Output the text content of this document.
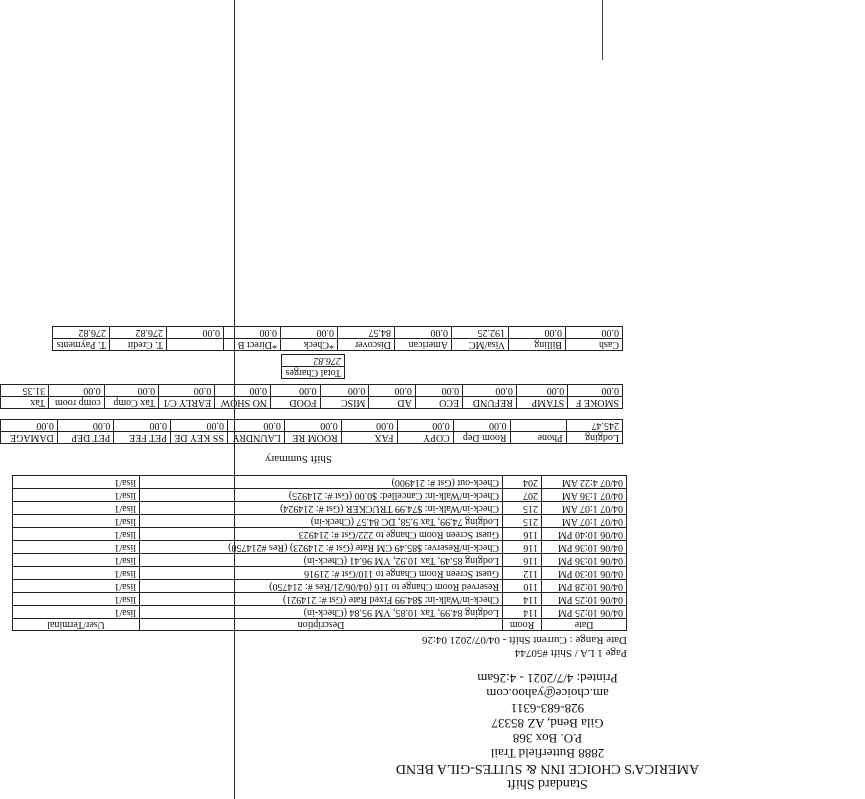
Standard Shift
AMERICA'S CHOICE INN & SUITES-GILA BEND
2888 Butterfield Trail
P.O. Box 368
Gila Bend, AZ 85337
928-683-6311
am.choice@yahoo.com
Printed: 4/7/2021 - 4:26am
Page 1 LA / Shift #50744
Date Range : Current Shift - 04/07/2021 04:26
Date	Room	Description	User/Terminal
04/06 10:25 PM	114	Lodging 84.99, Tax 10.85, VM 95.84 (Check-in)	lisa/1
04/06 10:25 PM	114	Check-in/Walk-in: $84.99 Fixed Rate (Gst #: 214921)	lisa/1
04/06 10:28 PM	110	Reserved Room Change to 116 (04/06/21/Res #: 214750)	lisa/1
04/06 10:30 PM	112	Guest Screen Room Change to 110/Gst #: 21916	lisa/1
04/06 10:36 PM	116	Lodging 85.49, Tax 10.92, VM 96.41 (Check-in)	lisa/1
04/06 10:36 PM	116	Check-in/Reserve: $85.49 CM Rate (Gst #: 214923) (Res #214750)	lisa/1
04/06 10:40 PM	116	Guest Screen Room Change to 222/Gst #: 214923	lisa/1
04/07 1:07 AM	215	Lodging 74.99, Tax 9.58, DC 84.57 (Check-in)	lisa/1
04/07 1:07 AM	215	Check-in/Walk-in: $74.99 TRUCKER (Gst #: 214924)	lisa/1
04/07 1:36 AM	207	Check-in/Walk-in: Cancelled: $0.00 (Gst #: 214925)	lisa/1
04/07 4:22 AM	204	Check-out (Gst #: 214900)	lisa/1
Shift Summary
Lodging	Phone	Room Dep	COPY	FAX	ROOM RE	LAUNDRY	SS KEY DE	PET FEE	PET DEP	DAMAGE
245.47		0.00	0.00	0.00	0.00	0.00	0.00	0.00	0.00	0.00
SMOKE F	STAMP	REFUND	ECO	AD	MISC	FOOD	NO SHOW	EARLY C/I	Tax Comp	comp room	Tax
0.00	0.00	0.00	0.00	0.00	0.00	0.00	0.00	0.00	0.00	0.00	31.35
Total Charges
276.82
Cash	Billing	Visa/MC	American	Discover	*Check	*Direct B		T. Credit	T. Payments
0.00	0.00	192.25	0.00	84.57	0.00	0.00	0.00	276.82	276.82
